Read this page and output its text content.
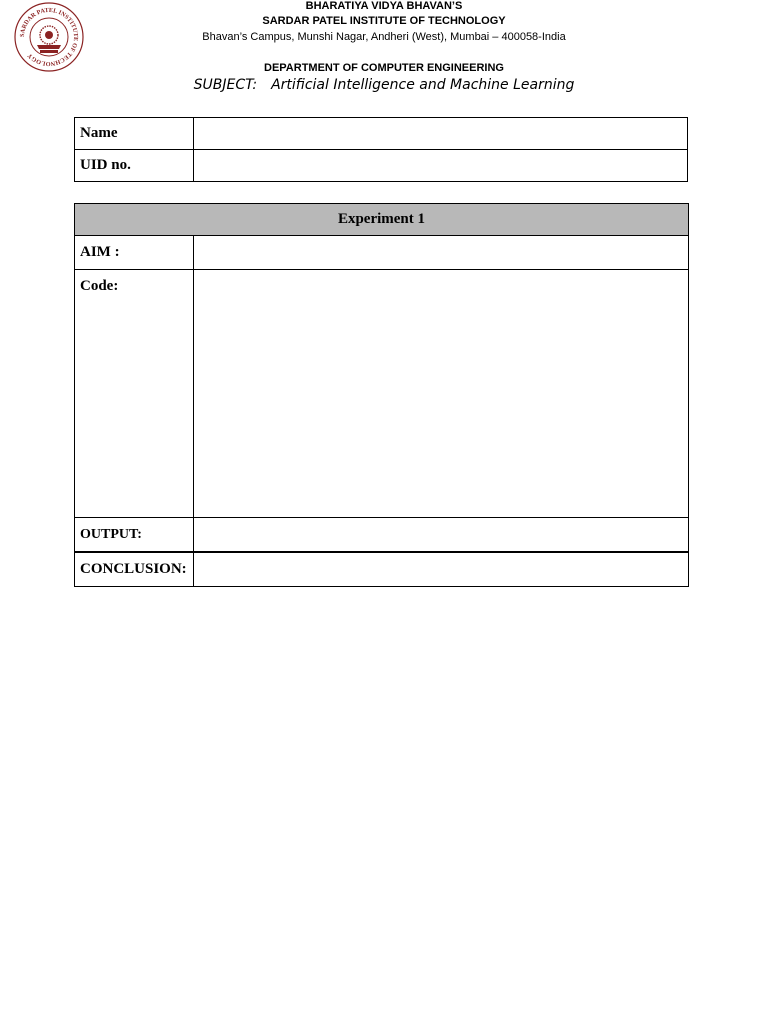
SARDAR PATEL INSTITUTE OF TECHNOLOGY
BHARATIYA VIDYA BHAVAN’S
SARDAR PATEL INSTITUTE OF TECHNOLOGY
Bhavan’s Campus, Munshi Nagar, Andheri (West), Mumbai – 400058-India
DEPARTMENT OF COMPUTER ENGINEERING
SUBJECT: Artificial Intelligence and Machine Learning
Name	
UID no.	
Experiment 1	
AIM :	
Code:	
OUTPUT:	
CONCLUSION:	
